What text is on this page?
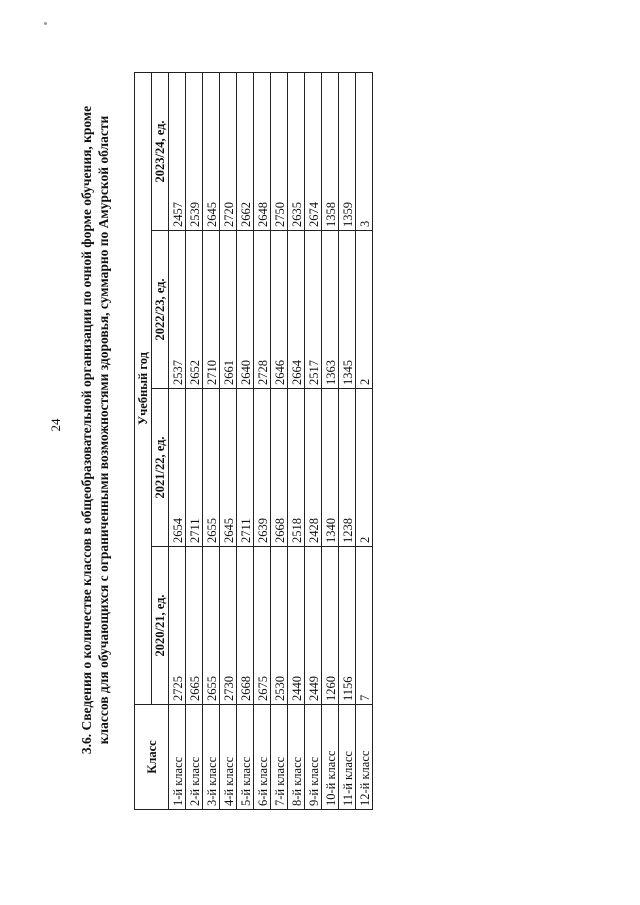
24 3.6. Сведения о количестве классов в общеобразовательной организации по очной форме обучения, кроме классов для обучающихся с ограниченными возможностями здоровья, суммарно по Амурской области
Класс	Учебный год			
	2020/21, ед.	2021/22, ед.	2022/23, ед.	2023/24, ед.
1-й класс	2725	2654	2537	2457
2-й класс	2665	2711	2652	2539
3-й класс	2655	2655	2710	2645
4-й класс	2730	2645	2661	2720
5-й класс	2668	2711	2640	2662
6-й класс	2675	2639	2728	2648
7-й класс	2530	2668	2646	2750
8-й класс	2440	2518	2664	2635
9-й класс	2449	2428	2517	2674
10-й класс	1260	1340	1363	1358
11-й класс	1156	1238	1345	1359
12-й класс	7	2	2	3
